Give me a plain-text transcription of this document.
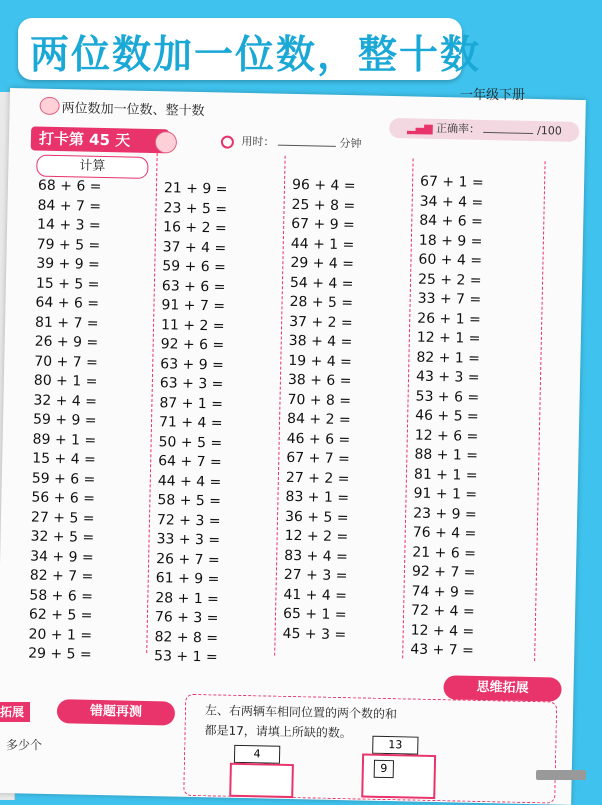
两位数加一位数、整十数
▂▄▆ 正确率：	/100
打卡第 45 天	用时：	分钟
计算
68 + 6 =
84 + 7 =
14 + 3 =
79 + 5 =
39 + 9 =
15 + 5 =
64 + 6 =
81 + 7 =
26 + 9 =
70 + 7 =
80 + 1 =
32 + 4 =
59 + 9 =
89 + 1 =
15 + 4 =
59 + 6 =
56 + 6 =
27 + 5 =
32 + 5 =
34 + 9 =
82 + 7 =
58 + 6 =
62 + 5 =
20 + 1 =
29 + 5 =
21 + 9 =
23 + 5 =
16 + 2 =
37 + 4 =
59 + 6 =
63 + 6 =
91 + 7 =
11 + 2 =
92 + 6 =
63 + 9 =
63 + 3 =
87 + 1 =
71 + 4 =
50 + 5 =
64 + 7 =
44 + 4 =
58 + 5 =
72 + 3 =
33 + 3 =
26 + 7 =
61 + 9 =
28 + 1 =
76 + 3 =
82 + 8 =
53 + 1 =
96 + 4 =
25 + 8 =
67 + 9 =
44 + 1 =
29 + 4 =
54 + 4 =
28 + 5 =
37 + 2 =
38 + 4 =
19 + 4 =
38 + 6 =
70 + 8 =
84 + 2 =
46 + 6 =
67 + 7 =
27 + 2 =
83 + 1 =
36 + 5 =
12 + 2 =
83 + 4 =
27 + 3 =
41 + 4 =
65 + 1 =
45 + 3 =
67 + 1 =
34 + 4 =
84 + 6 =
18 + 9 =
60 + 4 =
25 + 2 =
33 + 7 =
26 + 1 =
12 + 1 =
82 + 1 =
43 + 3 =
53 + 6 =
46 + 5 =
12 + 6 =
88 + 1 =
81 + 1 =
91 + 1 =
23 + 9 =
76 + 4 =
21 + 6 =
92 + 7 =
74 + 9 =
72 + 4 =
12 + 4 =
43 + 7 =
左、右两辆车相同位置的两个数的和
都是17，请填上所缺的数。
4
13
9
错题再测
思维拓展
两位数加一位数，整十数
一年级下册
拓展
多少个
